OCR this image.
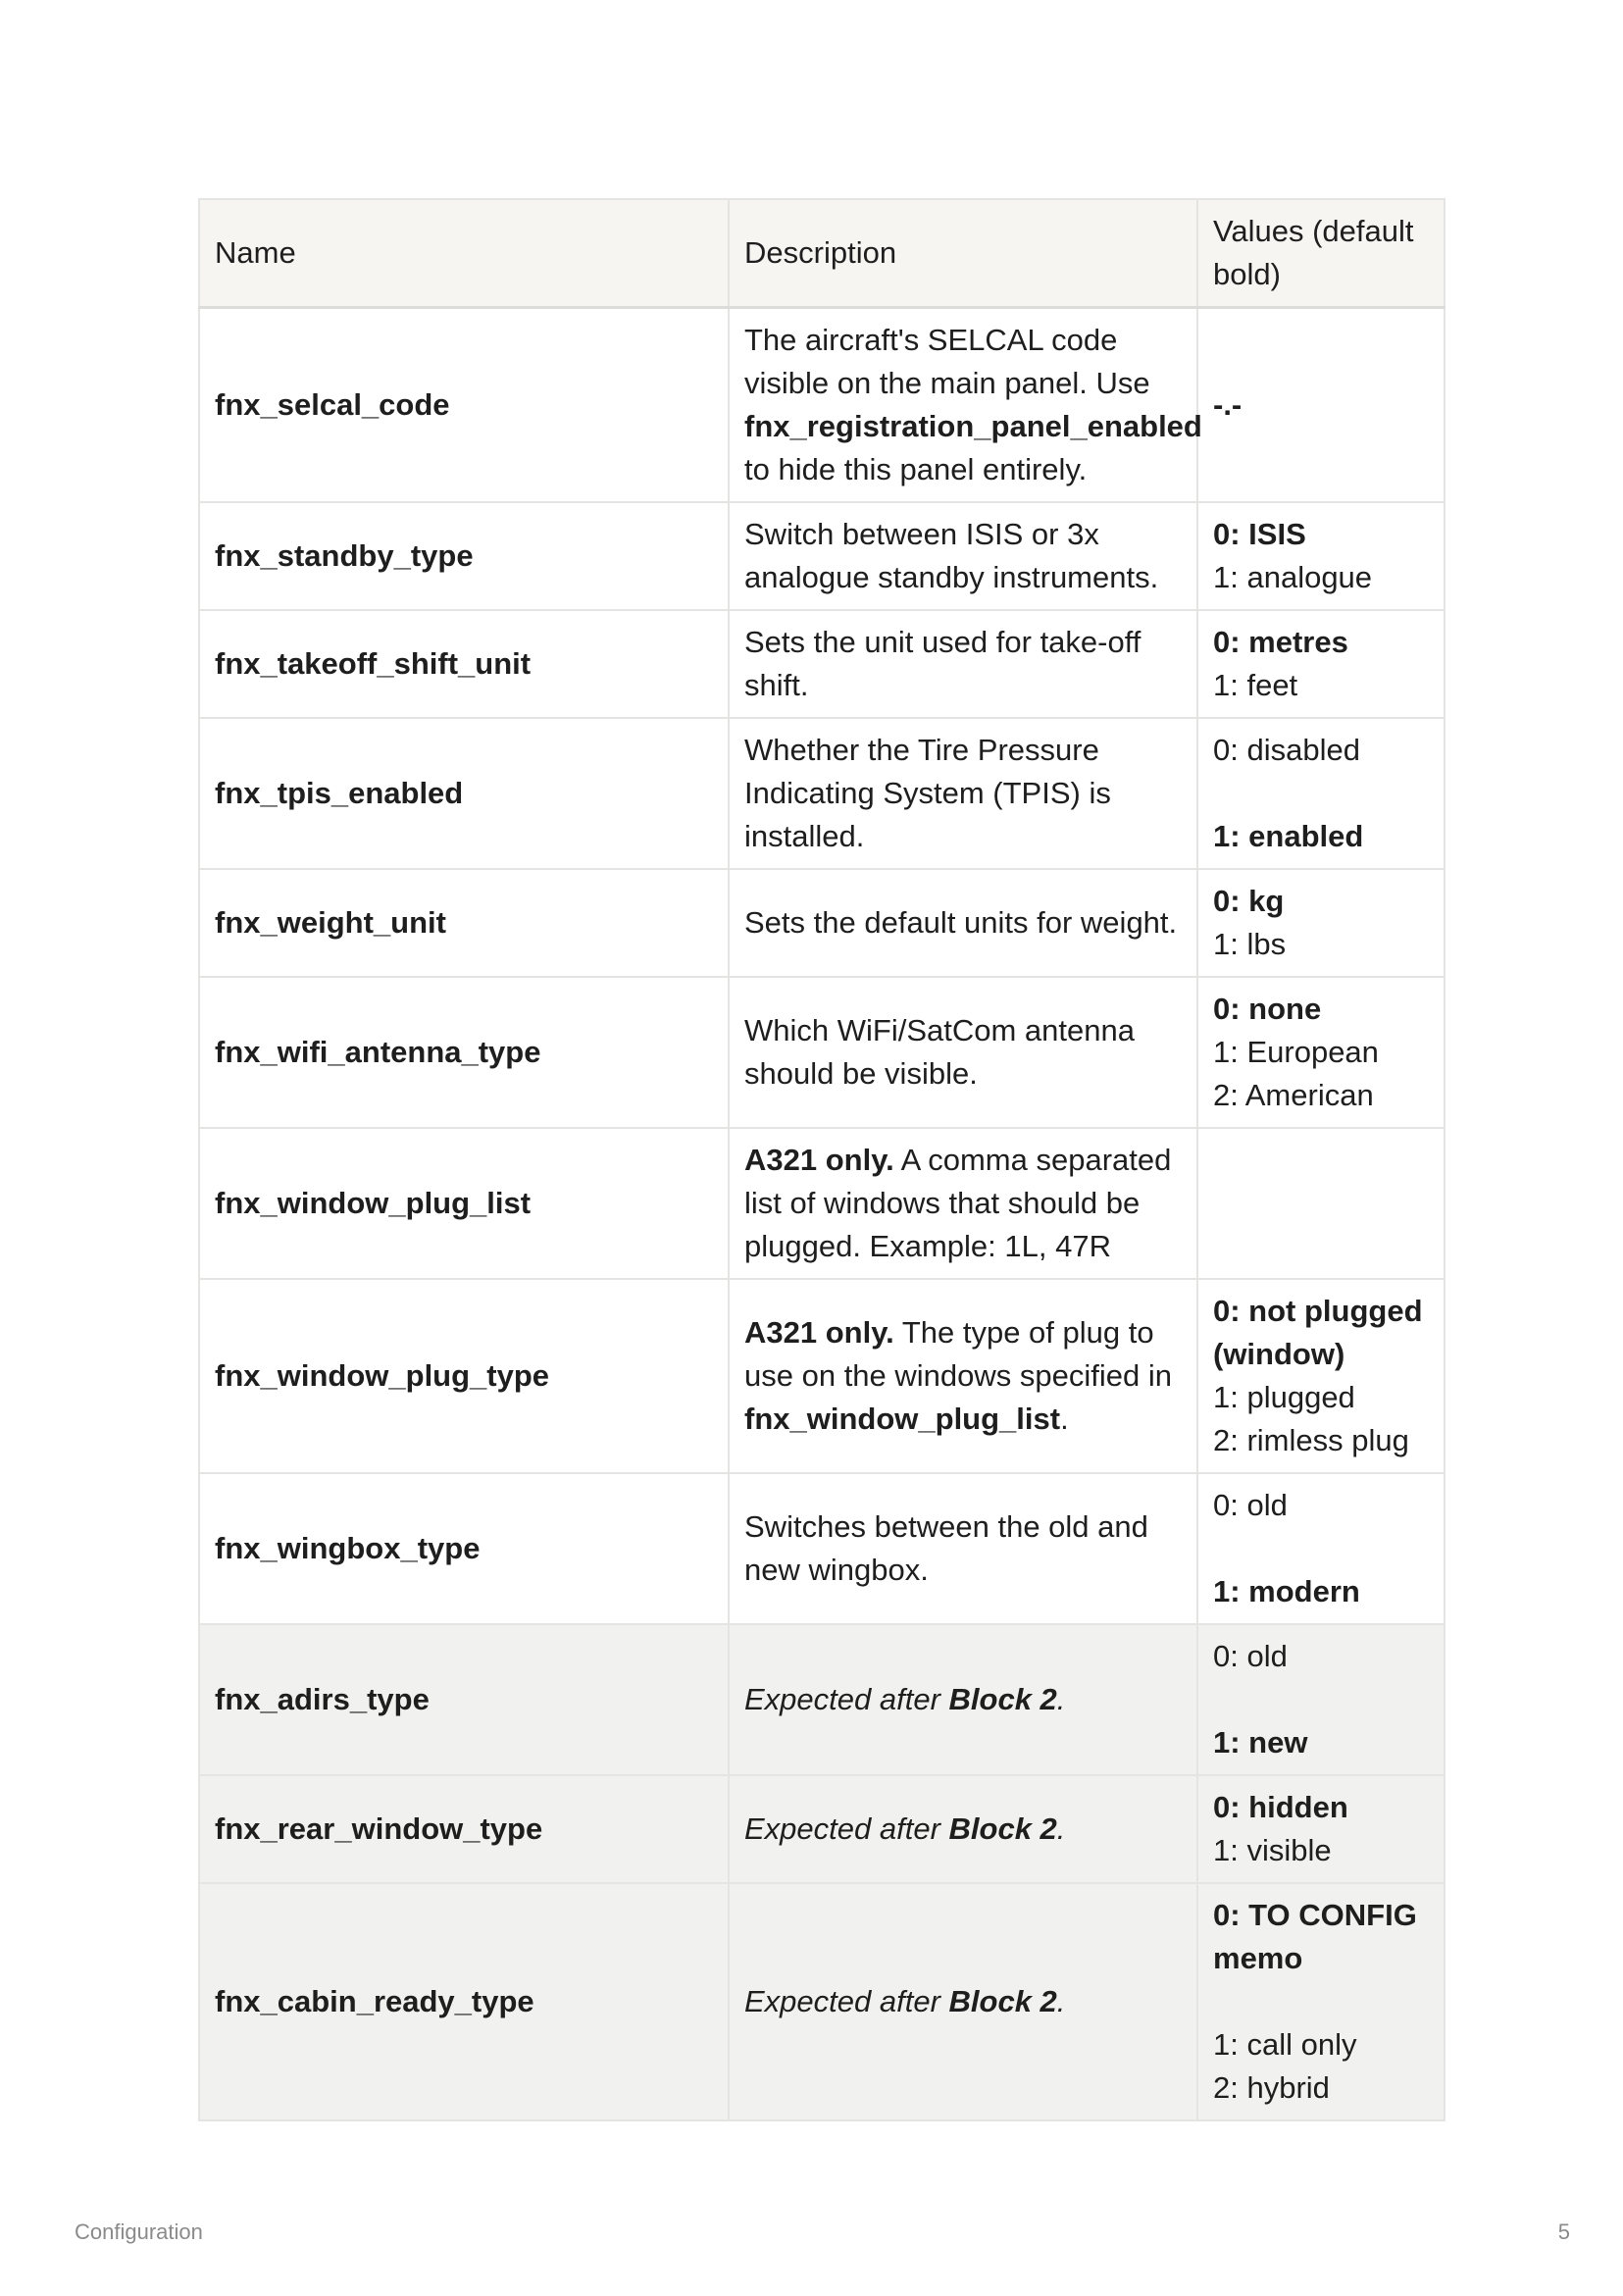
Name	Description	Values (default bold)
fnx_selcal_code	The aircraft's SELCAL code visible on the main panel. Use fnx_registration_panel_enabled to hide this panel entirely.	-.-

fnx_standby_type	Switch between ISIS or 3x analogue standby instruments.	0: ISIS
1: analogue

fnx_takeoff_shift_unit	Sets the unit used for take-off shift.	0: metres
1: feet

fnx_tpis_enabled	Whether the Tire Pressure Indicating System (TPIS) is installed.	0: disabled
1: enabled

fnx_weight_unit	Sets the default units for weight.	0: kg
1: lbs

fnx_wifi_antenna_type	Which WiFi/SatCom antenna should be visible.	0: none
1: European
2: American

fnx_window_plug_list	A321 only. A comma separated list of windows that should be plugged. Example: 1L, 47R	
fnx_window_plug_type	A321 only. The type of plug to use on the windows specified in fnx_window_plug_list.	0: not plugged (window)
1: plugged
2: rimless plug

fnx_wingbox_type	Switches between the old and new wingbox.	0: old
1: modern

fnx_adirs_type	Expected after Block 2.	0: old
1: new

fnx_rear_window_type	Expected after Block 2.	0: hidden
1: visible

fnx_cabin_ready_type	Expected after Block 2.	0: TO CONFIG memo
1: call only
2: hybrid
Configuration	5
